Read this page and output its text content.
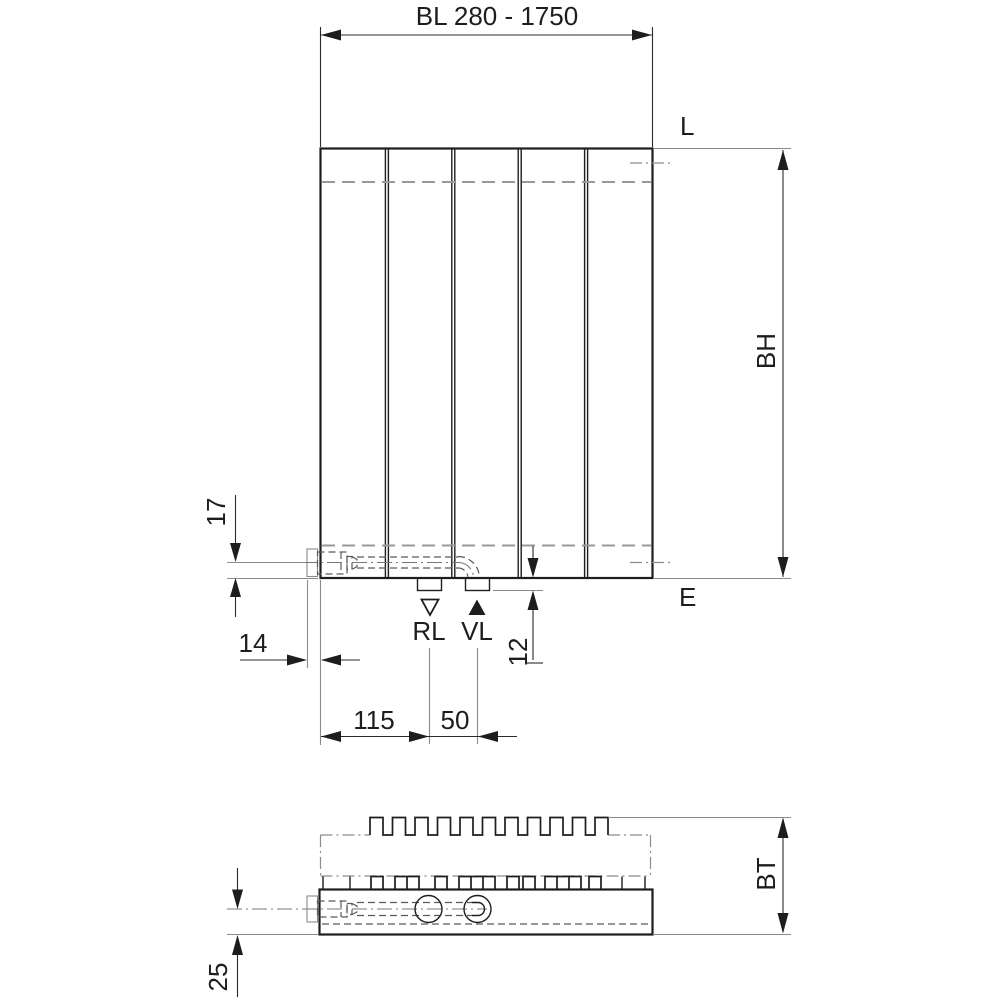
BL 280 - 1750
L
E
BH
RL VL
17
14	12
115 50
BT
25
